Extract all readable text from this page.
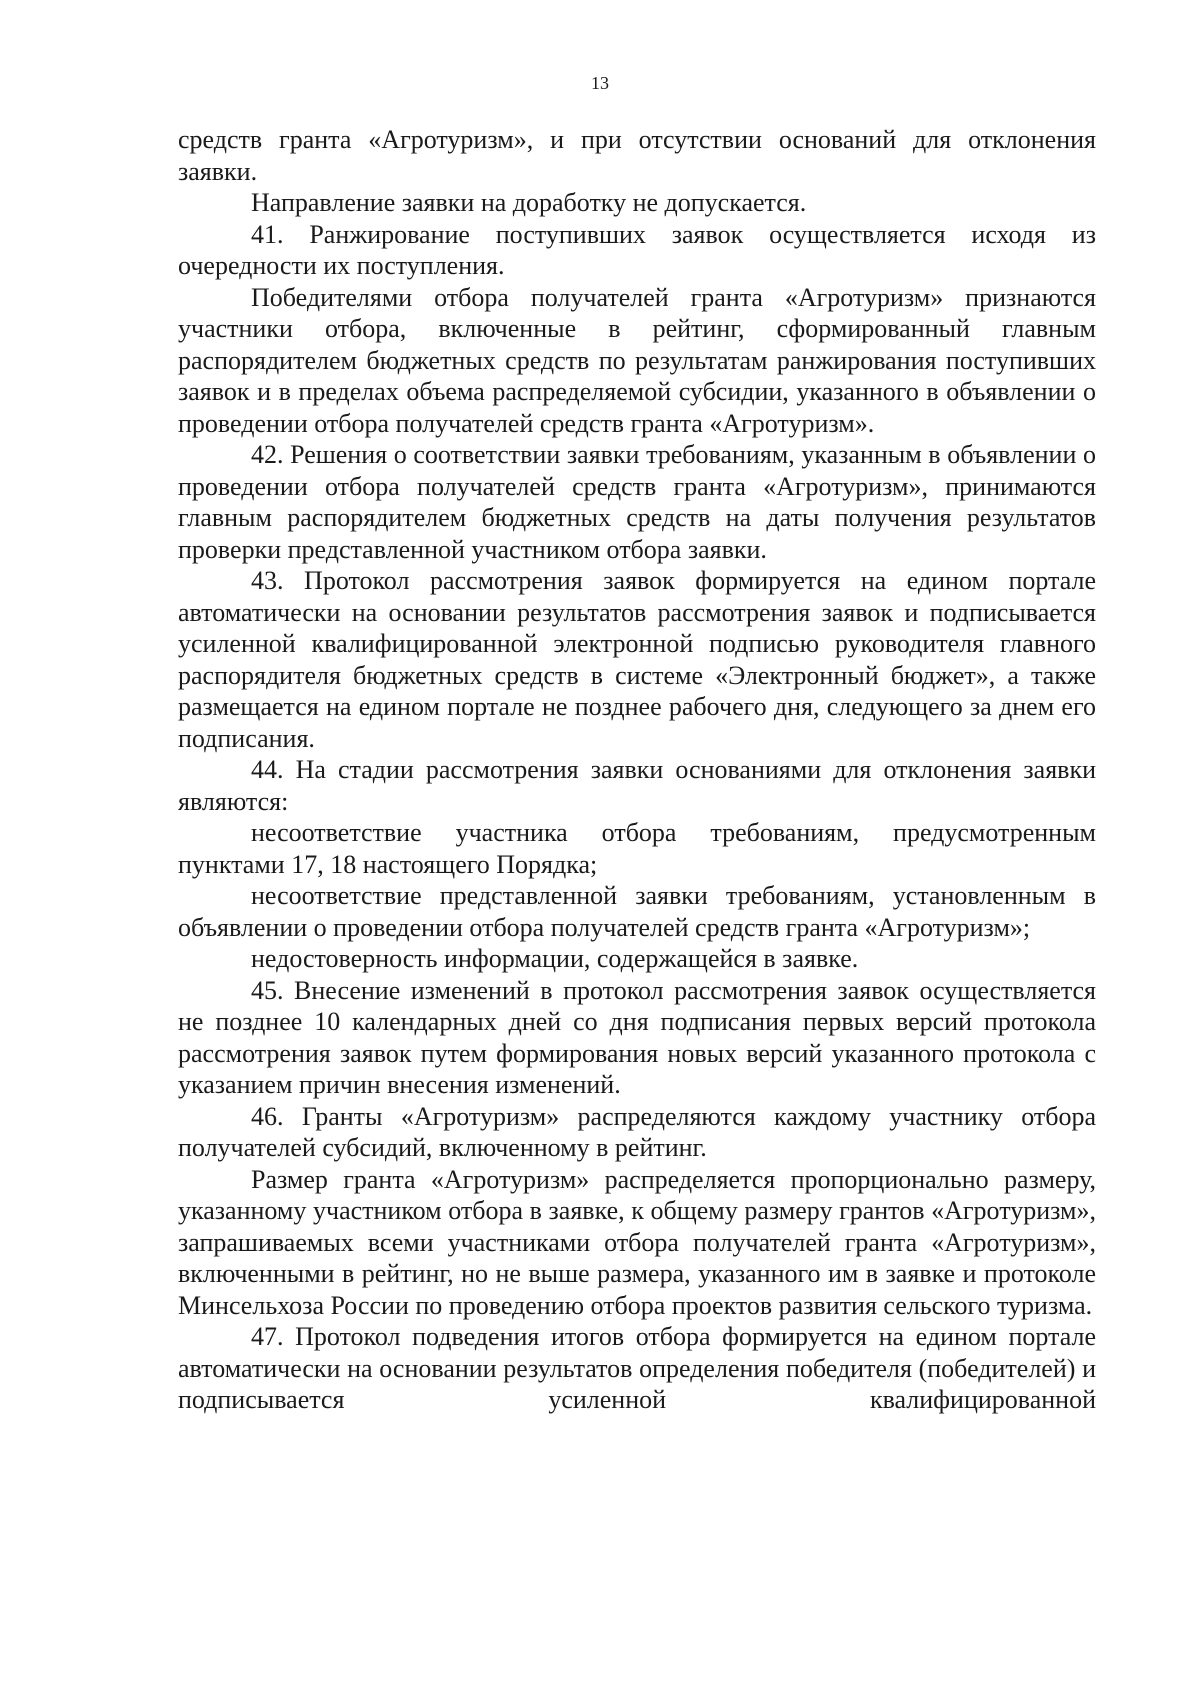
13

средств гранта «Агротуризм», и при отсутствии оснований для отклонения заявки.

Направление заявки на доработку не допускается.

41. Ранжирование поступивших заявок осуществляется исходя из очередности их поступления.

Победителями отбора получателей гранта «Агротуризм» признаются участники отбора, включенные в рейтинг, сформированный главным распорядителем бюджетных средств по результатам ранжирования поступивших заявок и в пределах объема распределяемой субсидии, указанного в объявлении о проведении отбора получателей средств гранта «Агротуризм».

42. Решения о соответствии заявки требованиям, указанным в объявлении о проведении отбора получателей средств гранта «Агротуризм», принимаются главным распорядителем бюджетных средств на даты получения результатов проверки представленной участником отбора заявки.

43. Протокол рассмотрения заявок формируется на едином портале автоматически на основании результатов рассмотрения заявок и подписывается усиленной квалифицированной электронной подписью руководителя главного распорядителя бюджетных средств в системе «Электронный бюджет», а также размещается на едином портале не позднее рабочего дня, следующего за днем его подписания.

44. На стадии рассмотрения заявки основаниями для отклонения заявки являются:

несоответствие участника отбора требованиям, предусмотренным пунктами 17, 18 настоящего Порядка;

несоответствие представленной заявки требованиям, установленным в объявлении о проведении отбора получателей средств гранта «Агротуризм»;

недостоверность информации, содержащейся в заявке.

45. Внесение изменений в протокол рассмотрения заявок осуществляется не позднее 10 календарных дней со дня подписания первых версий протокола рассмотрения заявок путем формирования новых версий указанного протокола с указанием причин внесения изменений.

46. Гранты «Агротуризм» распределяются каждому участнику отбора получателей субсидий, включенному в рейтинг.

Размер гранта «Агротуризм» распределяется пропорционально размеру, указанному участником отбора в заявке, к общему размеру грантов «Агротуризм», запрашиваемых всеми участниками отбора получателей гранта «Агротуризм», включенными в рейтинг, но не выше размера, указанного им в заявке и протоколе Минсельхоза России по проведению отбора проектов развития сельского туризма.

47. Протокол подведения итогов отбора формируется на едином портале автоматически на основании результатов определения победителя (победителей) и подписывается усиленной квалифицированной
